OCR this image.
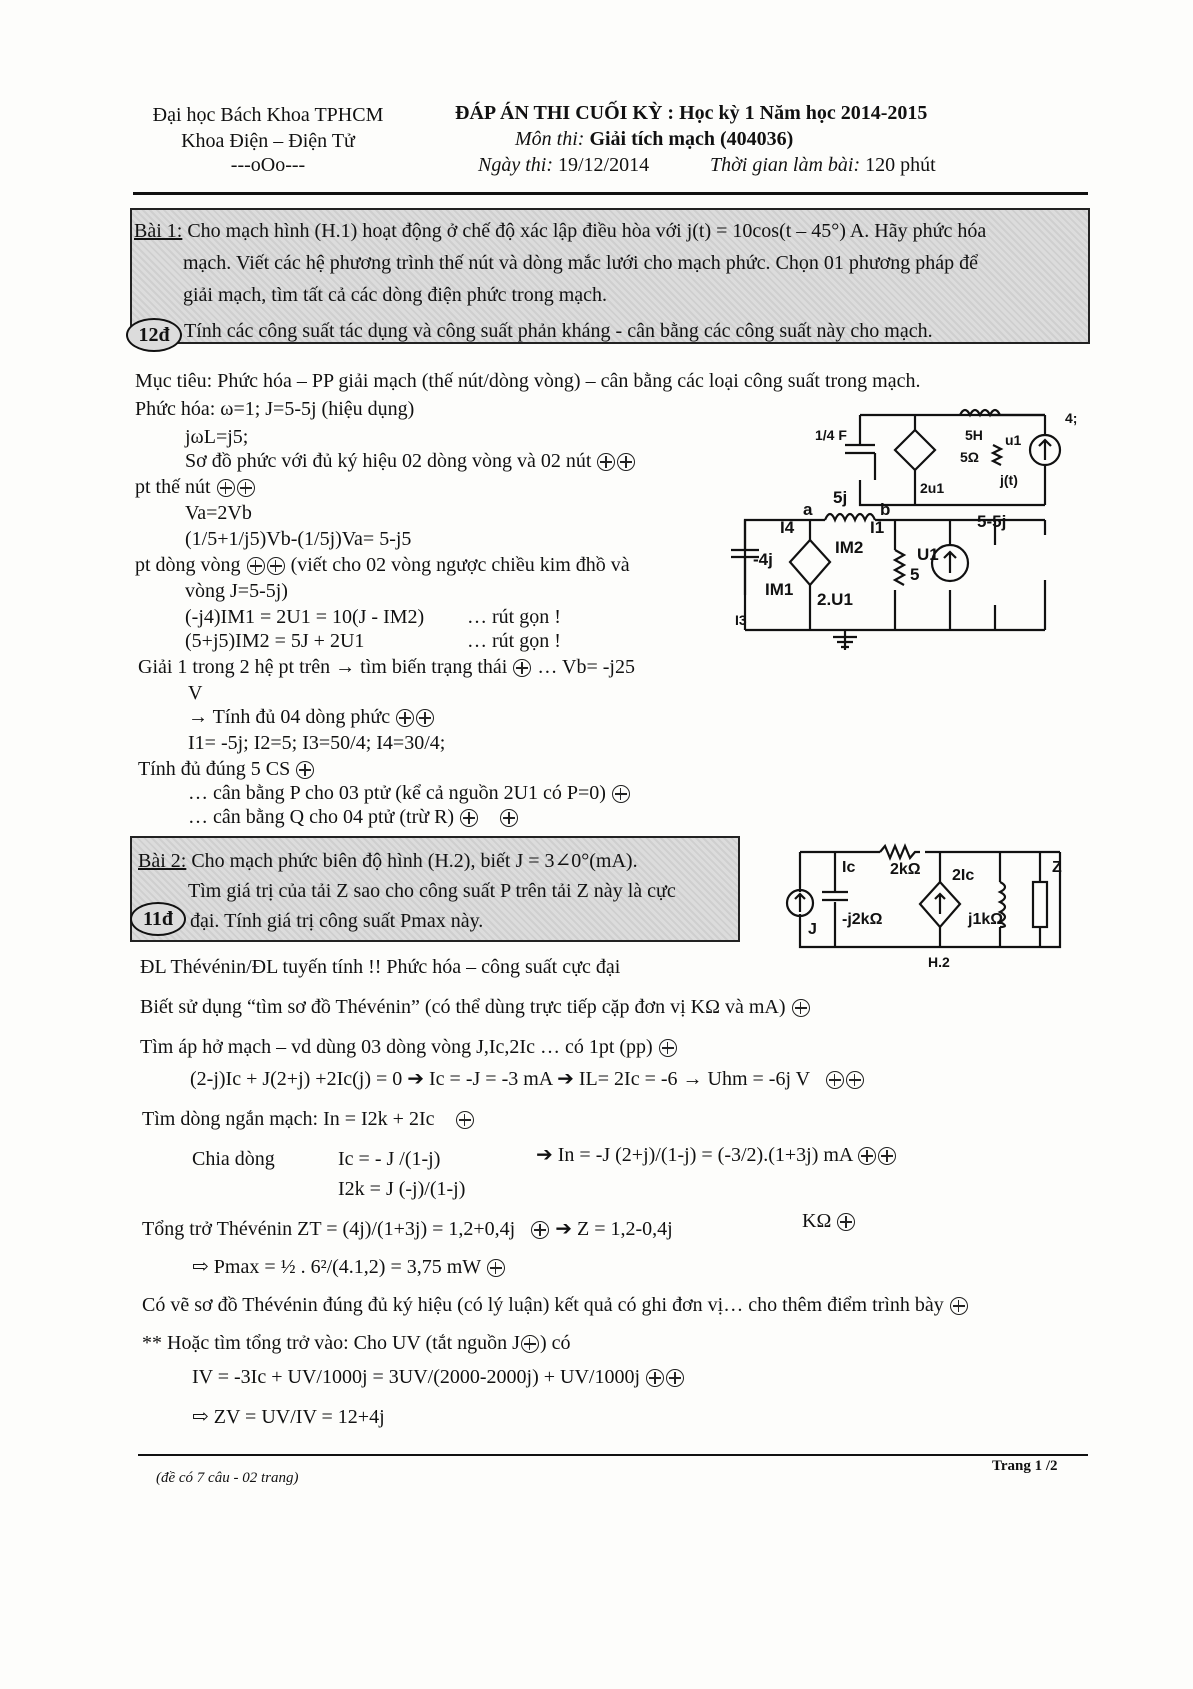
Đại học Bách Khoa TPHCM
Khoa Điện – Điện Tử
---oOo---
ĐÁP ÁN THI CUỐI KỲ : Học kỳ 1 Năm học 2014-2015
Môn thi: Giải tích mạch (404036)
Ngày thi: 19/12/2014	Thời gian làm bài: 120 phút
Bài 1: Cho mạch hình (H.1) hoạt động ở chế độ xác lập điều hòa với j(t) = 10cos(t – 45°) A. Hãy phức hóa
mạch. Viết các hệ phương trình thế nút và dòng mắc lưới cho mạch phức. Chọn 01 phương pháp để
giải mạch, tìm tất cả các dòng điện phức trong mạch.
12đ Tính các công suất tác dụng và công suất phản kháng - cân bằng các công suất này cho mạch.
Mục tiêu: Phức hóa – PP giải mạch (thế nút/dòng vòng) – cân bằng các loại công suất trong mạch.
Phức hóa: ω=1; J=5-5j (hiệu dụng)
jωL=j5;
Sơ đồ phức với đủ ký hiệu 02 dòng vòng và 02 nút
pt thế nút
Va=2Vb
(1/5+1/j5)Vb-(1/5j)Va= 5-j5
pt dòng vòng	(viết cho 02 vòng ngược chiều kim đhồ và
vòng J=5-5j)
(-j4)IM1 = 2U1 = 10(J - IM2) … rút gọn !
(5+j5)IM2 = 5J + 2U1	… rút gọn !
Giải 1 trong 2 hệ pt trên → tìm biến trạng thái … Vb= -j25
V
→ Tính đủ 04 dòng phức
I1= -5j; I2=5; I3=50/4; I4=30/4;
Tính đủ đúng 5 CS
… cân bằng P cho 03 ptử (kể cả nguồn 2U1 có P=0)
… cân bằng Q cho 04 ptử (trừ R)
1/4 F	5H
5Ω
u1
j(t)
2u1
4;
a	b
5j
-4j
5
5-5j
I4	I1
IM1
IM2
I3
2.U1
U1
Bài 2: Cho mạch phức biên độ hình (H.2), biết J = 3∠0°(mA).
Tìm giá trị của tải Z sao cho công suất P trên tải Z này là cực
11đ đại. Tính giá trị công suất Pmax này.
2kΩ
Ic	2Ic
-j2kΩ	j1kΩ
Z
J
H.2
ĐL Thévénin/ĐL tuyến tính !! Phức hóa – công suất cực đại
Biết sử dụng “tìm sơ đồ Thévénin” (có thể dùng trực tiếp cặp đơn vị KΩ và mA)
Tìm áp hở mạch – vd dùng 03 dòng vòng J,Ic,2Ic … có 1pt (pp)
(2-j)Ic + J(2+j) +2Ic(j) = 0 ➔ Ic = -J = -3 mA ➔ IL= 2Ic = -6 → Uhm = -6j V
Tìm dòng ngắn mạch: In = I2k + 2Ic
Chia dòng	Ic = - J /(1-j)	➔ In = -J (2+j)/(1-j) = (-3/2).(1+3j) mA
I2k = J (-j)/(1-j)
Tổng trở Thévénin ZT = (4j)/(1+3j) = 1,2+0,4j ➔ Z = 1,2-0,4j	KΩ
⇨ Pmax = ½ . 6²/(4.1,2) = 3,75 mW
Có vẽ sơ đồ Thévénin đúng đủ ký hiệu (có lý luận) kết quả có ghi đơn vị… cho thêm điểm trình bày
** Hoặc tìm tổng trở vào: Cho UV (tắt nguồn J ) có
IV = -3Ic + UV/1000j = 3UV/(2000-2000j) + UV/1000j
⇨ ZV = UV/IV = 12+4j
(đề có 7 câu - 02 trang)
Trang 1 /2
